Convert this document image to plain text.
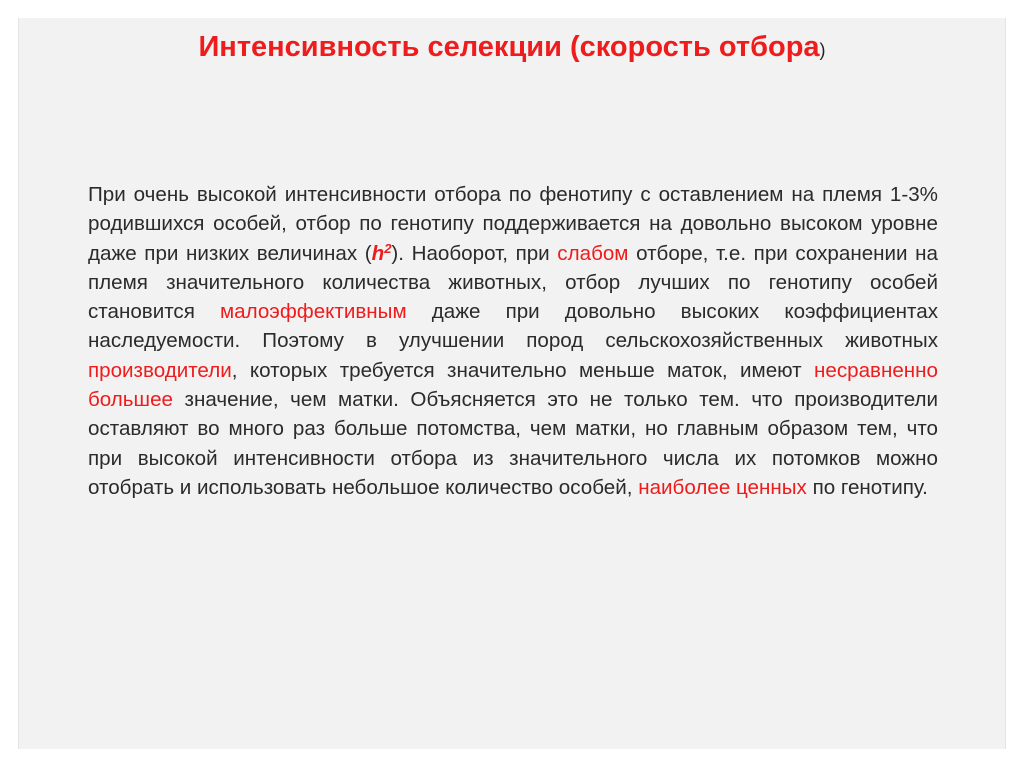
Интенсивность селекции (скорость отбора)

При очень высокой интенсивности отбора по фенотипу с оставлением на племя 1-3% родившихся особей, отбор по генотипу поддерживается на довольно высоком уровне даже при низких величинах $(h^2)$. Наоборот, при слабом отборе, т.е. при сохранении на племя значительного количества животных, отбор лучших по генотипу особей становится малоэффективным даже при довольно высоких коэффициентах наследуемости. Поэтому в улучшении пород сельскохозяйственных животных производители, которых требуется значительно меньше маток, имеют несравненно большее значение, чем матки. Объясняется это не только тем. что производители оставляют во много раз больше потомства, чем матки, но главным образом тем, что при высокой интенсивности отбора из значительного числа их потомков можно отобрать и использовать небольшое количество особей, наиболее ценных по генотипу.
